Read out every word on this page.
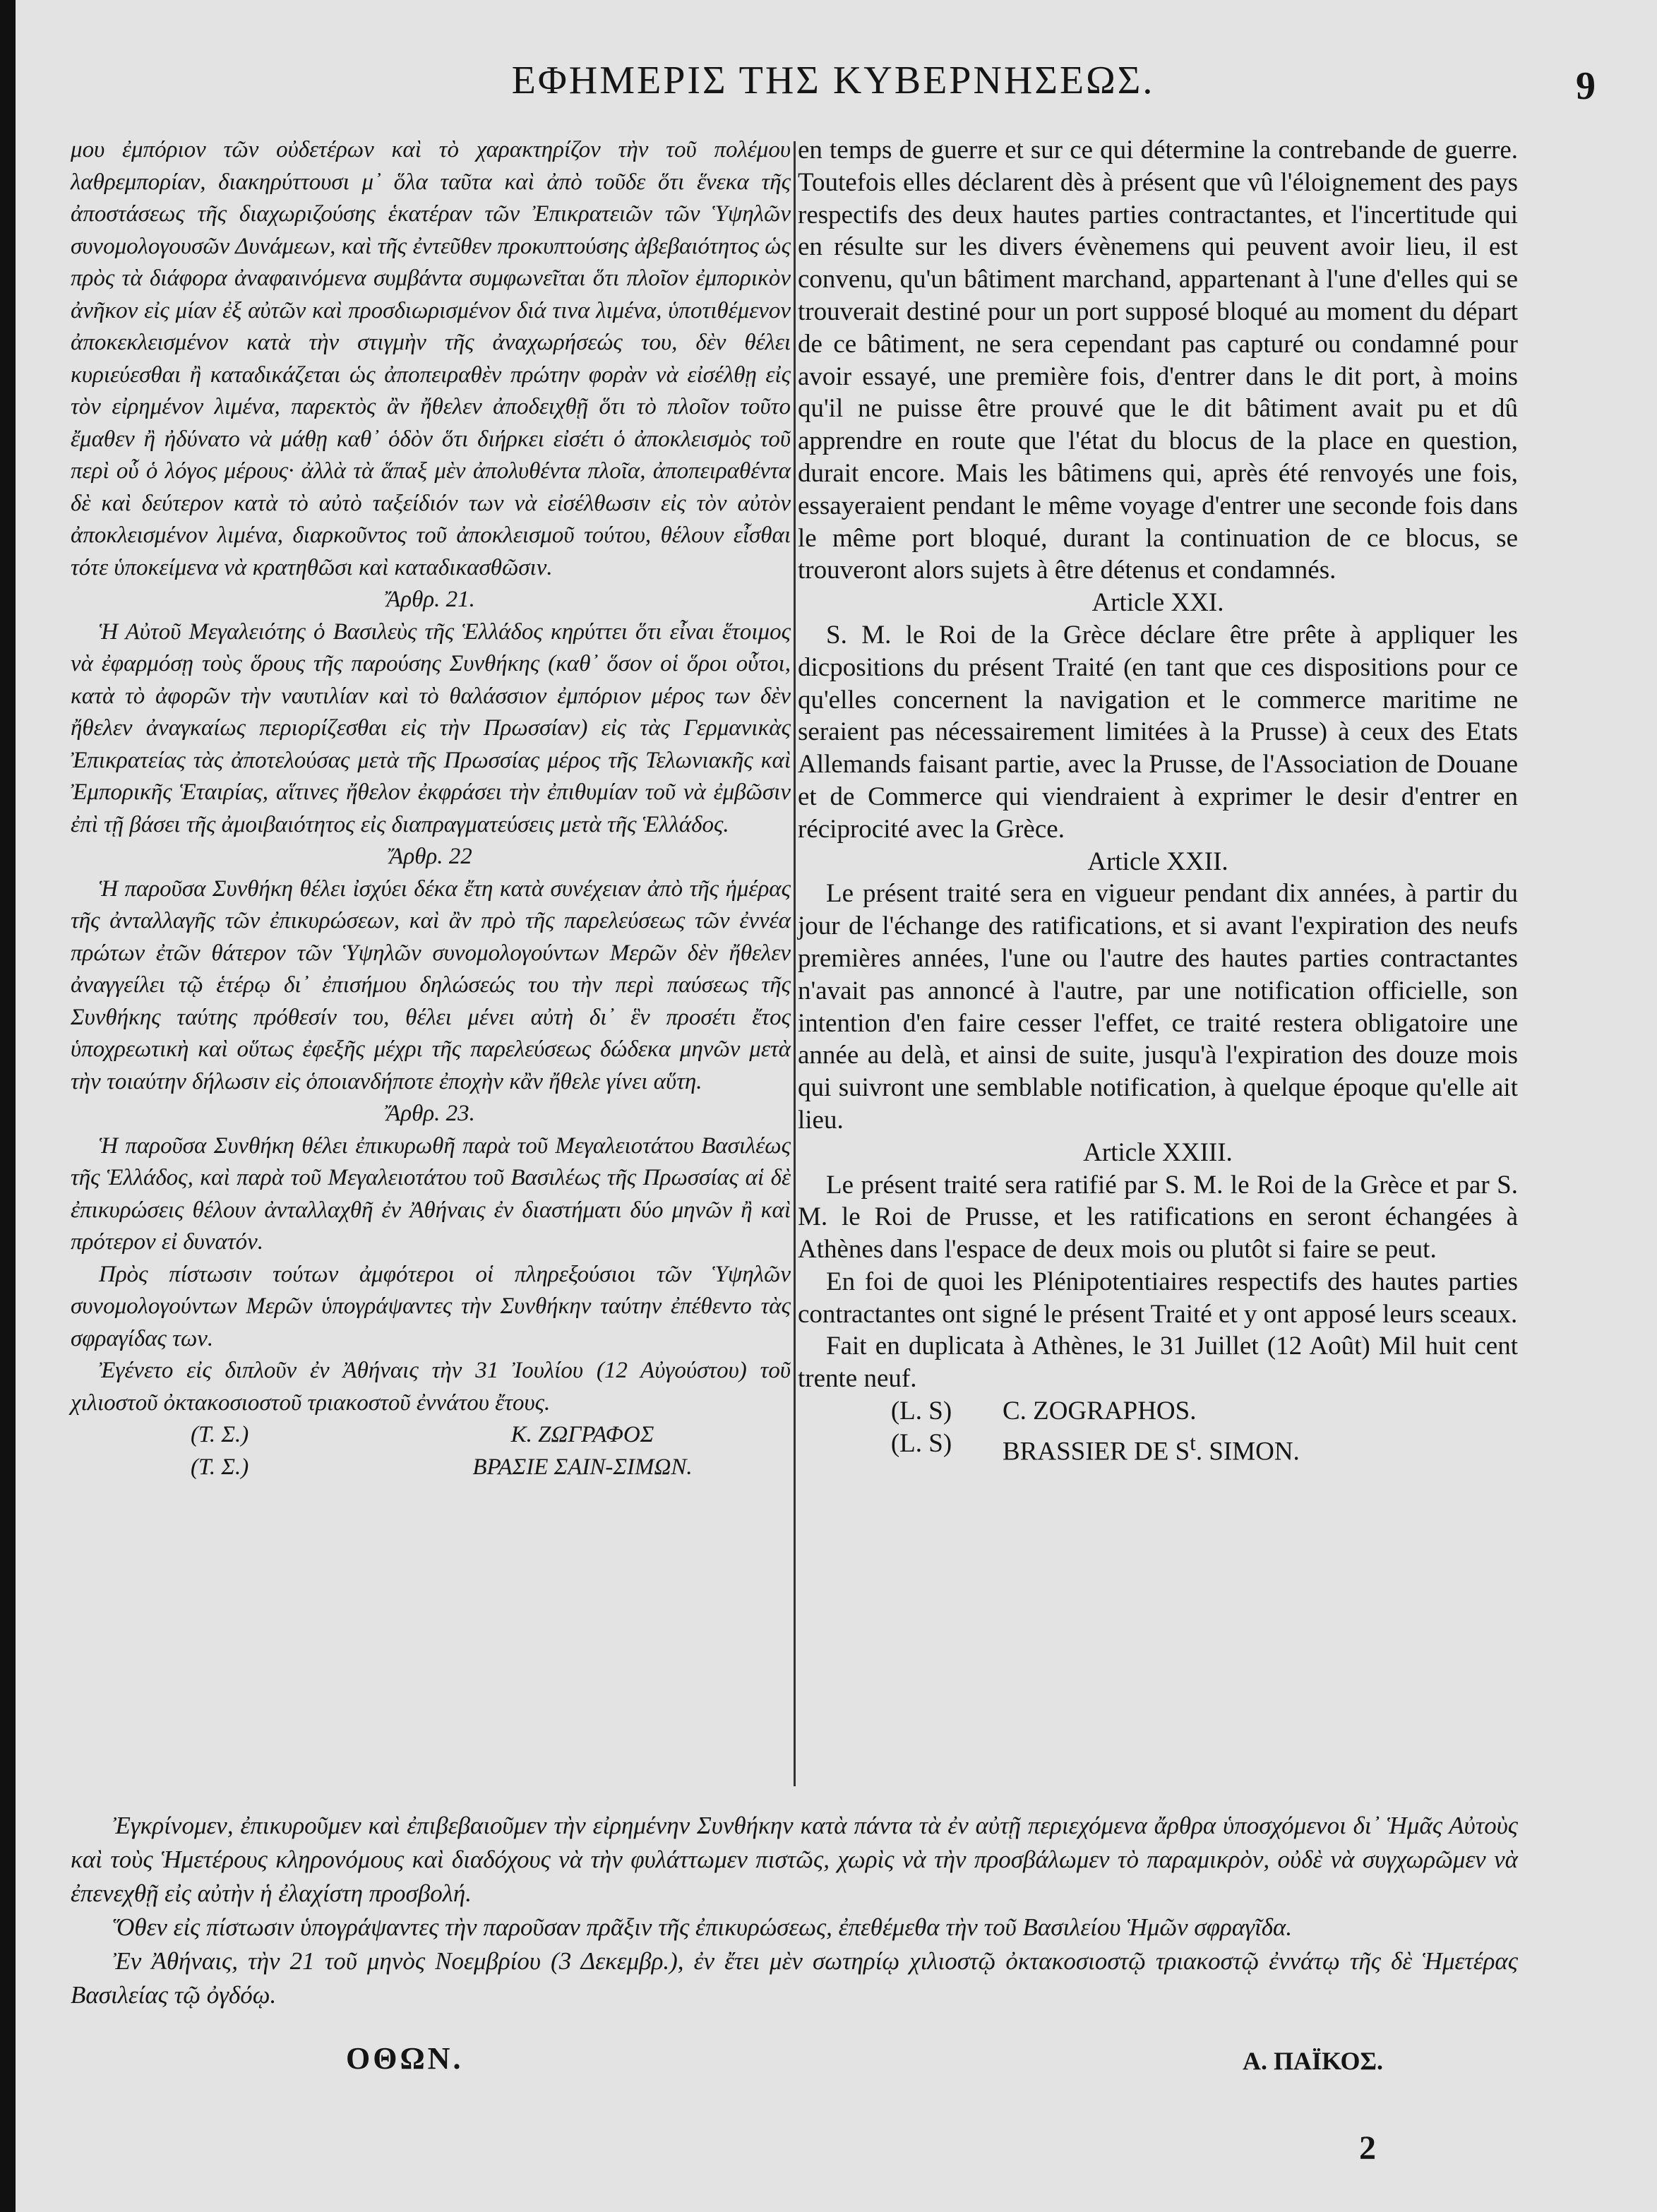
ΕΦΗΜΕΡΙΣ ΤΗΣ ΚΥΒΕΡΝΗΣΕΩΣ.	9

μου ἐμπόριον τῶν οὐδετέρων καὶ τὸ χαρακτηρίζον τὴν τοῦ πολέμου λαθρεμπορίαν, διακηρύττουσι μ᾽ ὅλα ταῦτα καὶ ἀπὸ τοῦδε ὅτι ἕνεκα τῆς ἀποστάσεως τῆς διαχωριζούσης ἑκατέραν τῶν Ἐπικρατειῶν τῶν Ὑψηλῶν συνομολογουσῶν Δυνάμεων, καὶ τῆς ἐντεῦθεν προκυπτούσης ἀβεβαιότητος ὡς πρὸς τὰ διάφορα ἀναφαινόμενα συμβάντα συμφωνεῖται ὅτι πλοῖον ἐμπορικὸν ἀνῆκον εἰς μίαν ἐξ αὐτῶν καὶ προσδιωρισμένον διά τινα λιμένα, ὑποτιθέμενον ἀποκεκλεισμένον κατὰ τὴν στιγμὴν τῆς ἀναχωρήσεώς του, δὲν θέλει κυριεύεσθαι ἢ καταδικάζεται ὡς ἀποπειραθὲν πρώτην φορὰν νὰ εἰσέλθῃ εἰς τὸν εἰρημένον λιμένα, παρεκτὸς ἂν ἤθελεν ἀποδειχθῇ ὅτι τὸ πλοῖον τοῦτο ἔμαθεν ἢ ἠδύνατο νὰ μάθῃ καθ᾽ ὁδὸν ὅτι διήρκει εἰσέτι ὁ ἀποκλεισμὸς τοῦ περὶ οὗ ὁ λόγος μέρους· ἀλλὰ τὰ ἅπαξ μὲν ἀπολυθέντα πλοῖα, ἀποπειραθέντα δὲ καὶ δεύτερον κατὰ τὸ αὐτὸ ταξείδιόν των νὰ εἰσέλθωσιν εἰς τὸν αὐτὸν ἀποκλεισμένον λιμένα, διαρκοῦντος τοῦ ἀποκλεισμοῦ τούτου, θέλουν εἶσθαι τότε ὑποκείμενα νὰ κρατηθῶσι καὶ καταδικασθῶσιν.

Ἄρθρ. 21.

Ἡ Αὐτοῦ Μεγαλειότης ὁ Βασιλεὺς τῆς Ἑλλάδος κηρύττει ὅτι εἶναι ἕτοιμος νὰ ἐφαρμόσῃ τοὺς ὅρους τῆς παρούσης Συνθήκης (καθ᾽ ὅσον οἱ ὅροι οὗτοι, κατὰ τὸ ἀφορῶν τὴν ναυτιλίαν καὶ τὸ θαλάσσιον ἐμπόριον μέρος των δὲν ἤθελεν ἀναγκαίως περιορίζεσθαι εἰς τὴν Πρωσσίαν) εἰς τὰς Γερμανικὰς Ἐπικρατείας τὰς ἀποτελούσας μετὰ τῆς Πρωσσίας μέρος τῆς Τελωνιακῆς καὶ Ἐμπορικῆς Ἑταιρίας, αἵτινες ἤθελον ἐκφράσει τὴν ἐπιθυμίαν τοῦ νὰ ἐμβῶσιν ἐπὶ τῇ βάσει τῆς ἀμοιβαιότητος εἰς διαπραγματεύσεις μετὰ τῆς Ἑλλάδος.

Ἄρθρ. 22

Ἡ παροῦσα Συνθήκη θέλει ἰσχύει δέκα ἔτη κατὰ συνέχειαν ἀπὸ τῆς ἡμέρας τῆς ἀνταλλαγῆς τῶν ἐπικυρώσεων, καὶ ἂν πρὸ τῆς παρελεύσεως τῶν ἐννέα πρώτων ἐτῶν θάτερον τῶν Ὑψηλῶν συνομολογούντων Μερῶν δὲν ἤθελεν ἀναγγείλει τῷ ἑτέρῳ δι᾽ ἐπισήμου δηλώσεώς του τὴν περὶ παύσεως τῆς Συνθήκης ταύτης πρόθεσίν του, θέλει μένει αὐτὴ δι᾽ ἓν προσέτι ἔτος ὑποχρεωτικὴ καὶ οὕτως ἐφεξῆς μέχρι τῆς παρελεύσεως δώδεκα μηνῶν μετὰ τὴν τοιαύτην δήλωσιν εἰς ὁποιανδήποτε ἐποχὴν κἂν ἤθελε γίνει αὕτη.

Ἄρθρ. 23.

Ἡ παροῦσα Συνθήκη θέλει ἐπικυρωθῆ παρὰ τοῦ Μεγαλειοτάτου Βασιλέως τῆς Ἑλλάδος, καὶ παρὰ τοῦ Μεγαλειοτάτου τοῦ Βασιλέως τῆς Πρωσσίας αἱ δὲ ἐπικυρώσεις θέλουν ἀνταλλαχθῆ ἐν Ἀθήναις ἐν διαστήματι δύο μηνῶν ἢ καὶ πρότερον εἰ δυνατόν.

Πρὸς πίστωσιν τούτων ἀμφότεροι οἱ πληρεξούσιοι τῶν Ὑψηλῶν συνομολογούντων Μερῶν ὑπογράψαντες τὴν Συνθήκην ταύτην ἐπέθεντο τὰς σφραγίδας των.

Ἐγένετο εἰς διπλοῦν ἐν Ἀθήναις τὴν 31 Ἰουλίου (12 Αὐγούστου) τοῦ χιλιοστοῦ ὀκτακοσιοστοῦ τριακοστοῦ ἐννάτου ἔτους.

(Τ. Σ.)	Κ. ΖΩΓΡΑΦΟΣ
(Τ. Σ.)	ΒΡΑΣΙΕ ΣΑΙΝ-ΣΙΜΩΝ.

en temps de guerre et sur ce qui détermine la contrebande de guerre. Toutefois elles déclarent dès à présent que vû l'éloignement des pays respectifs des deux hautes parties contractantes, et l'incertitude qui en résulte sur les divers évènemens qui peuvent avoir lieu, il est convenu, qu'un bâtiment marchand, appartenant à l'une d'elles qui se trouverait destiné pour un port supposé bloqué au moment du départ de ce bâtiment, ne sera cependant pas capturé ou condamné pour avoir essayé, une première fois, d'entrer dans le dit port, à moins qu'il ne puisse être prouvé que le dit bâtiment avait pu et dû apprendre en route que l'état du blocus de la place en question, durait encore. Mais les bâtimens qui, après été renvoyés une fois, essayeraient pendant le même voyage d'entrer une seconde fois dans le même port bloqué, durant la continuation de ce blocus, se trouveront alors sujets à être détenus et condamnés.

Article XXI.

S. M. le Roi de la Grèce déclare être prête à appliquer les dicpositions du présent Traité (en tant que ces dispositions pour ce qu'elles concernent la navigation et le commerce maritime ne seraient pas nécessairement limitées à la Prusse) à ceux des Etats Allemands faisant partie, avec la Prusse, de l'Association de Douane et de Commerce qui viendraient à exprimer le desir d'entrer en réciprocité avec la Grèce.

Article XXII.

Le présent traité sera en vigueur pendant dix années, à partir du jour de l'échange des ratifications, et si avant l'expiration des neufs premières années, l'une ou l'autre des hautes parties contractantes n'avait pas annoncé à l'autre, par une notification officielle, son intention d'en faire cesser l'effet, ce traité restera obligatoire une année au delà, et ainsi de suite, jusqu'à l'expiration des douze mois qui suivront une semblable notification, à quelque époque qu'elle ait lieu.

Article XXIII.

Le présent traité sera ratifié par S. M. le Roi de la Grèce et par S. M. le Roi de Prusse, et les ratifications en seront échangées à Athènes dans l'espace de deux mois ou plutôt si faire se peut.

En foi de quoi les Plénipotentiaires respectifs des hautes parties contractantes ont signé le présent Traité et y ont apposé leurs sceaux.

Fait en duplicata à Athènes, le 31 Juillet (12 Août) Mil huit cent trente neuf.

(L. S)	C. ZOGRAPHOS.
(L. S)	BRASSIER DE $S^t$. SIMON.

Ἐγκρίνομεν, ἐπικυροῦμεν καὶ ἐπιβεβαιοῦμεν τὴν εἰρημένην Συνθήκην κατὰ πάντα τὰ ἐν αὐτῇ περιεχόμενα ἄρθρα ὑποσχόμενοι δι᾽ Ἡμᾶς Αὐτοὺς καὶ τοὺς Ἡμετέρους κληρονόμους καὶ διαδόχους νὰ τὴν φυλάττωμεν πιστῶς, χωρὶς νὰ τὴν προσβάλωμεν τὸ παραμικρὸν, οὐδὲ νὰ συγχωρῶμεν νὰ ἐπενεχθῇ εἰς αὐτὴν ἡ ἐλαχίστη προσβολή.

Ὅθεν εἰς πίστωσιν ὑπογράψαντες τὴν παροῦσαν πρᾶξιν τῆς ἐπικυρώσεως, ἐπεθέμεθα τὴν τοῦ Βασιλείου Ἡμῶν σφραγῖδα.

Ἐν Ἀθήναις, τὴν 21 τοῦ μηνὸς Νοεμβρίου (3 Δεκεμβρ.), ἐν ἔτει μὲν σωτηρίῳ χιλιοστῷ ὀκτακοσιοστῷ τριακοστῷ ἐννάτῳ τῆς δὲ Ἡμετέρας Βασιλείας τῷ ὀγδόῳ.

ΟΘΩΝ.	Α. ΠΑΪΚΟΣ.
2
